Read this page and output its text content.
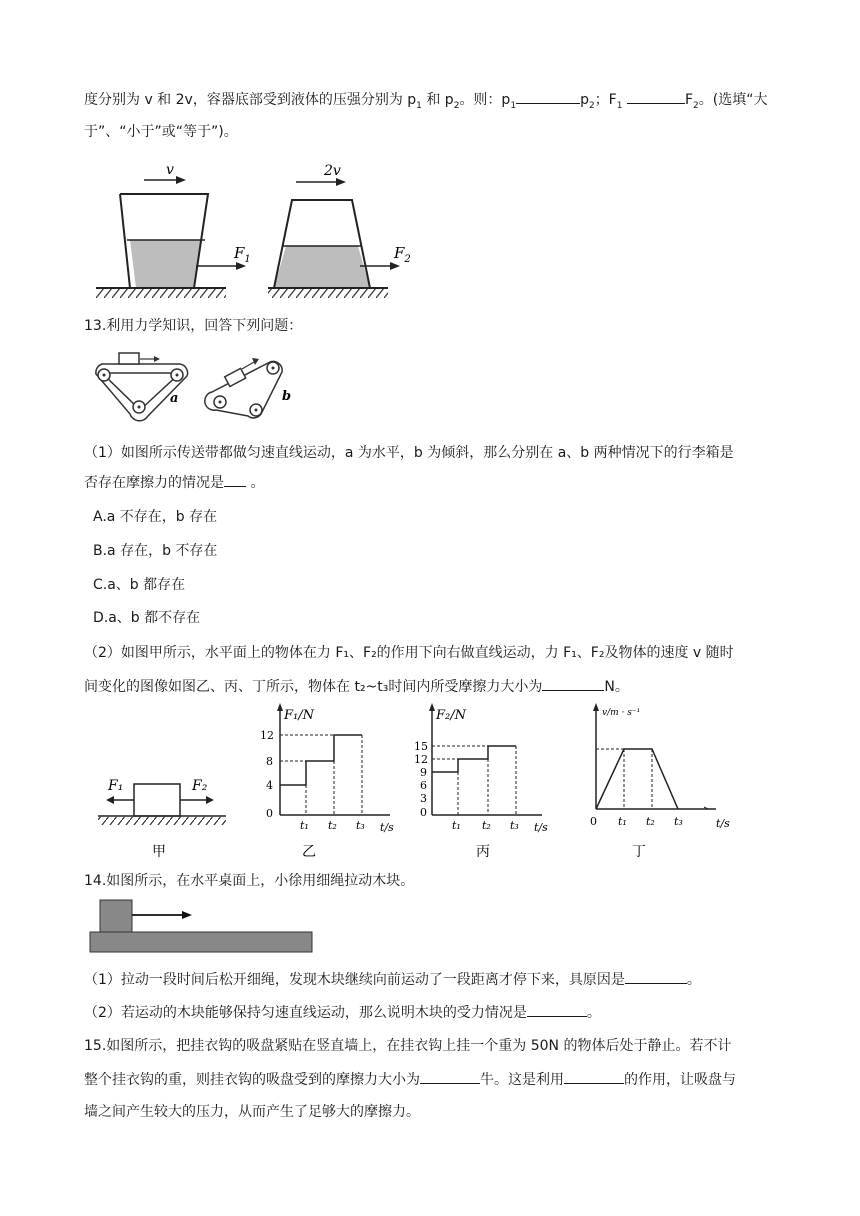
度分别为 v 和 2v，容器底部受到液体的压强分别为 $p_1$ 和 $p_2$。则：$p_1$	$p_2$；$F_1$	$F_2$。(选填“大
于”、“小于”或“等于”)。
v
$F_1$
2v
$F_2$
13.利用力学知识，回答下列问题：
a	b
（1）如图所示传送带都做匀速直线运动，a 为水平，b 为倾斜，那么分别在 a、b 两种情况下的行李箱是
否存在摩擦力的情况是 。
A.a 不存在，b 存在
B.a 存在，b 不存在
C.a、b 都存在
D.a、b 都不存在
（2）如图甲所示，水平面上的物体在力 F₁、F₂的作用下向右做直线运动，力 F₁、F₂及物体的速度 v 随时
间变化的图像如图乙、丙、丁所示，物体在 t₂~t₃时间内所受摩擦力大小为	N。
F₁	F₂
甲
F₁/N
12
8
4
0
t₁ t₂ t₃ t/s
乙
F₂/N
15
12
9
6
3
0
t₁ t₂ t₃ t/s
丙
v/m · s⁻¹
0 t₁ t₂ t₃	t/s
丁
14.如图所示，在水平桌面上，小徐用细绳拉动木块。
（1）拉动一段时间后松开细绳，发现木块继续向前运动了一段距离才停下来，具原因是	。
（2）若运动的木块能够保持匀速直线运动，那么说明木块的受力情况是	。
15.如图所示，把挂衣钩的吸盘紧贴在竖直墙上，在挂衣钩上挂一个重为 50N 的物体后处于静止。若不计
整个挂衣钩的重，则挂衣钩的吸盘受到的摩擦力大小为	牛。这是利用	的作用，让吸盘与
墙之间产生较大的压力，从而产生了足够大的摩擦力。
